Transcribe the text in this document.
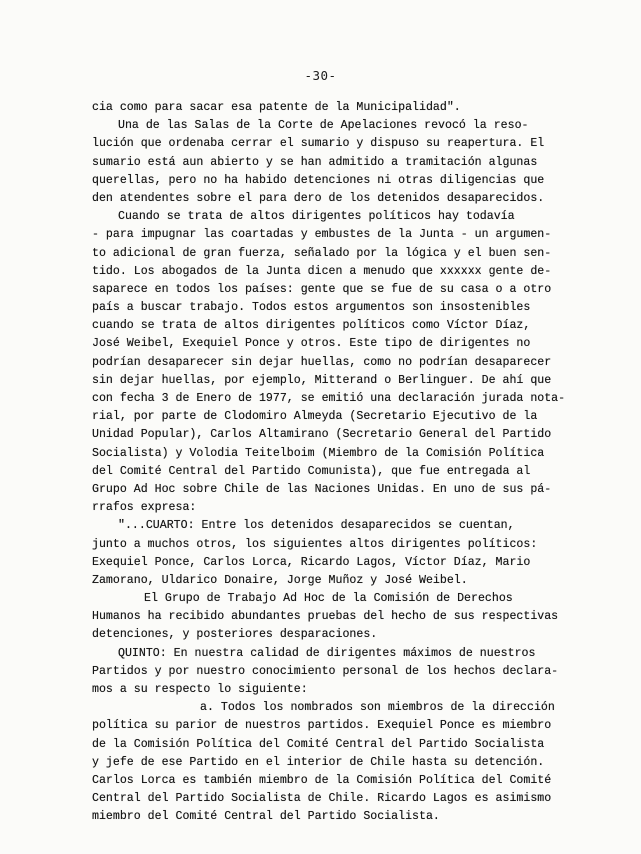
-30-
cia como para sacar esa patente de la Municipalidad".
Una de las Salas de la Corte de Apelaciones revocó la reso-
lución que ordenaba cerrar el sumario y dispuso su reapertura. El
sumario está aun abierto y se han admitido a tramitación algunas
querellas, pero no ha habido detenciones ni otras diligencias que
den atendentes sobre el para dero de los detenidos desaparecidos.
Cuando se trata de altos dirigentes políticos hay todavía
- para impugnar las coartadas y embustes de la Junta - un argumen-
to adicional de gran fuerza, señalado por la lógica y el buen sen-
tido. Los abogados de la Junta dicen a menudo que xxxxxx gente de-
saparece en todos los países: gente que se fue de su casa o a otro
país a buscar trabajo. Todos estos argumentos son insostenibles
cuando se trata de altos dirigentes políticos como Víctor Díaz,
José Weibel, Exequiel Ponce y otros. Este tipo de dirigentes no
podrían desaparecer sin dejar huellas, como no podrían desaparecer
sin dejar huellas, por ejemplo, Mitterand o Berlinguer. De ahí que
con fecha 3 de Enero de 1977, se emitió una declaración jurada nota-
rial, por parte de Clodomiro Almeyda (Secretario Ejecutivo de la
Unidad Popular), Carlos Altamirano (Secretario General del Partido
Socialista) y Volodia Teitelboim (Miembro de la Comisión Política
del Comité Central del Partido Comunista), que fue entregada al
Grupo Ad Hoc sobre Chile de las Naciones Unidas. En uno de sus pá-
rrafos expresa:
"...CUARTO: Entre los detenidos desaparecidos se cuentan,
junto a muchos otros, los siguientes altos dirigentes políticos:
Exequiel Ponce, Carlos Lorca, Ricardo Lagos, Víctor Díaz, Mario
Zamorano, Uldarico Donaire, Jorge Muñoz y José Weibel.
El Grupo de Trabajo Ad Hoc de la Comisión de Derechos
Humanos ha recibido abundantes pruebas del hecho de sus respectivas
detenciones, y posteriores desparaciones.
QUINTO: En nuestra calidad de dirigentes máximos de nuestros
Partidos y por nuestro conocimiento personal de los hechos declara-
mos a su respecto lo siguiente:
a. Todos los nombrados son miembros de la dirección
política su parior de nuestros partidos. Exequiel Ponce es miembro
de la Comisión Política del Comité Central del Partido Socialista
y jefe de ese Partido en el interior de Chile hasta su detención.
Carlos Lorca es también miembro de la Comisión Política del Comité
Central del Partido Socialista de Chile. Ricardo Lagos es asimismo
miembro del Comité Central del Partido Socialista.
